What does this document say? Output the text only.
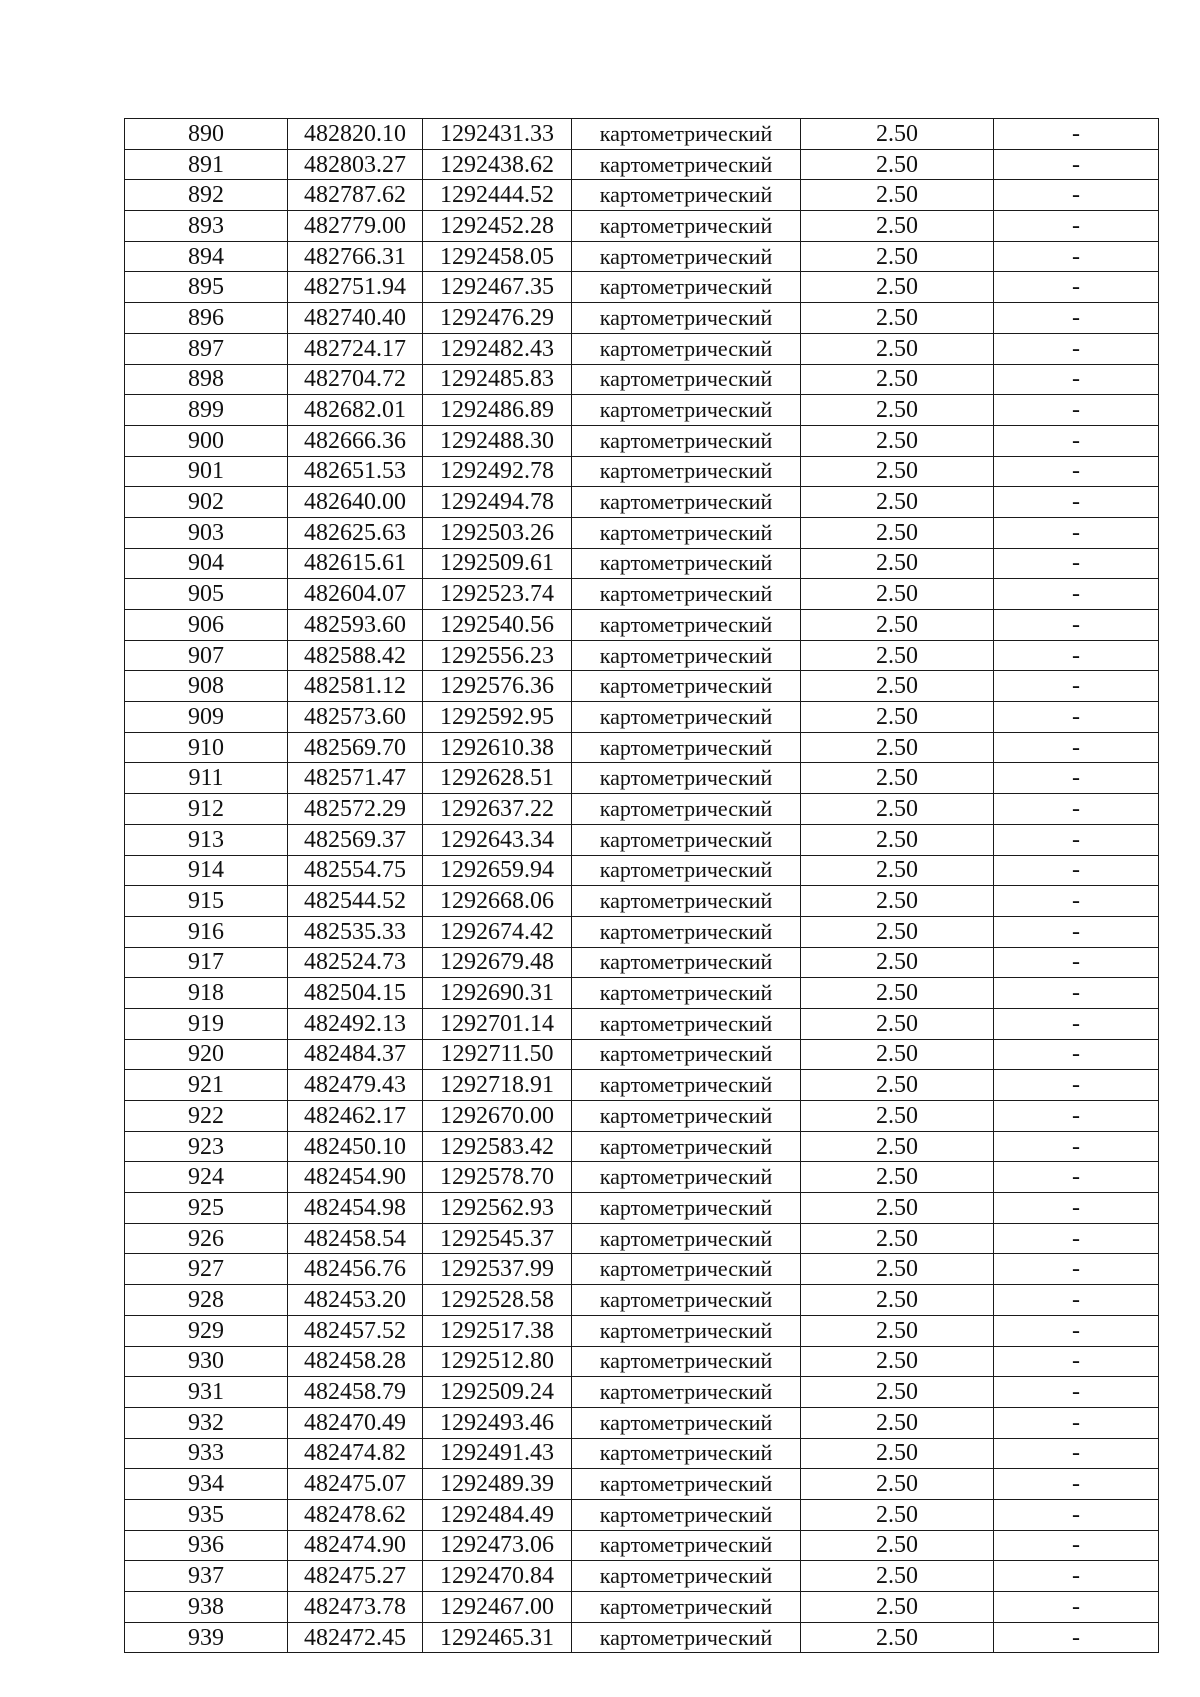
890	482820.10	1292431.33	картометрический	2.50	-
891	482803.27	1292438.62	картометрический	2.50	-
892	482787.62	1292444.52	картометрический	2.50	-
893	482779.00	1292452.28	картометрический	2.50	-
894	482766.31	1292458.05	картометрический	2.50	-
895	482751.94	1292467.35	картометрический	2.50	-
896	482740.40	1292476.29	картометрический	2.50	-
897	482724.17	1292482.43	картометрический	2.50	-
898	482704.72	1292485.83	картометрический	2.50	-
899	482682.01	1292486.89	картометрический	2.50	-
900	482666.36	1292488.30	картометрический	2.50	-
901	482651.53	1292492.78	картометрический	2.50	-
902	482640.00	1292494.78	картометрический	2.50	-
903	482625.63	1292503.26	картометрический	2.50	-
904	482615.61	1292509.61	картометрический	2.50	-
905	482604.07	1292523.74	картометрический	2.50	-
906	482593.60	1292540.56	картометрический	2.50	-
907	482588.42	1292556.23	картометрический	2.50	-
908	482581.12	1292576.36	картометрический	2.50	-
909	482573.60	1292592.95	картометрический	2.50	-
910	482569.70	1292610.38	картометрический	2.50	-
911	482571.47	1292628.51	картометрический	2.50	-
912	482572.29	1292637.22	картометрический	2.50	-
913	482569.37	1292643.34	картометрический	2.50	-
914	482554.75	1292659.94	картометрический	2.50	-
915	482544.52	1292668.06	картометрический	2.50	-
916	482535.33	1292674.42	картометрический	2.50	-
917	482524.73	1292679.48	картометрический	2.50	-
918	482504.15	1292690.31	картометрический	2.50	-
919	482492.13	1292701.14	картометрический	2.50	-
920	482484.37	1292711.50	картометрический	2.50	-
921	482479.43	1292718.91	картометрический	2.50	-
922	482462.17	1292670.00	картометрический	2.50	-
923	482450.10	1292583.42	картометрический	2.50	-
924	482454.90	1292578.70	картометрический	2.50	-
925	482454.98	1292562.93	картометрический	2.50	-
926	482458.54	1292545.37	картометрический	2.50	-
927	482456.76	1292537.99	картометрический	2.50	-
928	482453.20	1292528.58	картометрический	2.50	-
929	482457.52	1292517.38	картометрический	2.50	-
930	482458.28	1292512.80	картометрический	2.50	-
931	482458.79	1292509.24	картометрический	2.50	-
932	482470.49	1292493.46	картометрический	2.50	-
933	482474.82	1292491.43	картометрический	2.50	-
934	482475.07	1292489.39	картометрический	2.50	-
935	482478.62	1292484.49	картометрический	2.50	-
936	482474.90	1292473.06	картометрический	2.50	-
937	482475.27	1292470.84	картометрический	2.50	-
938	482473.78	1292467.00	картометрический	2.50	-
939	482472.45	1292465.31	картометрический	2.50	-
